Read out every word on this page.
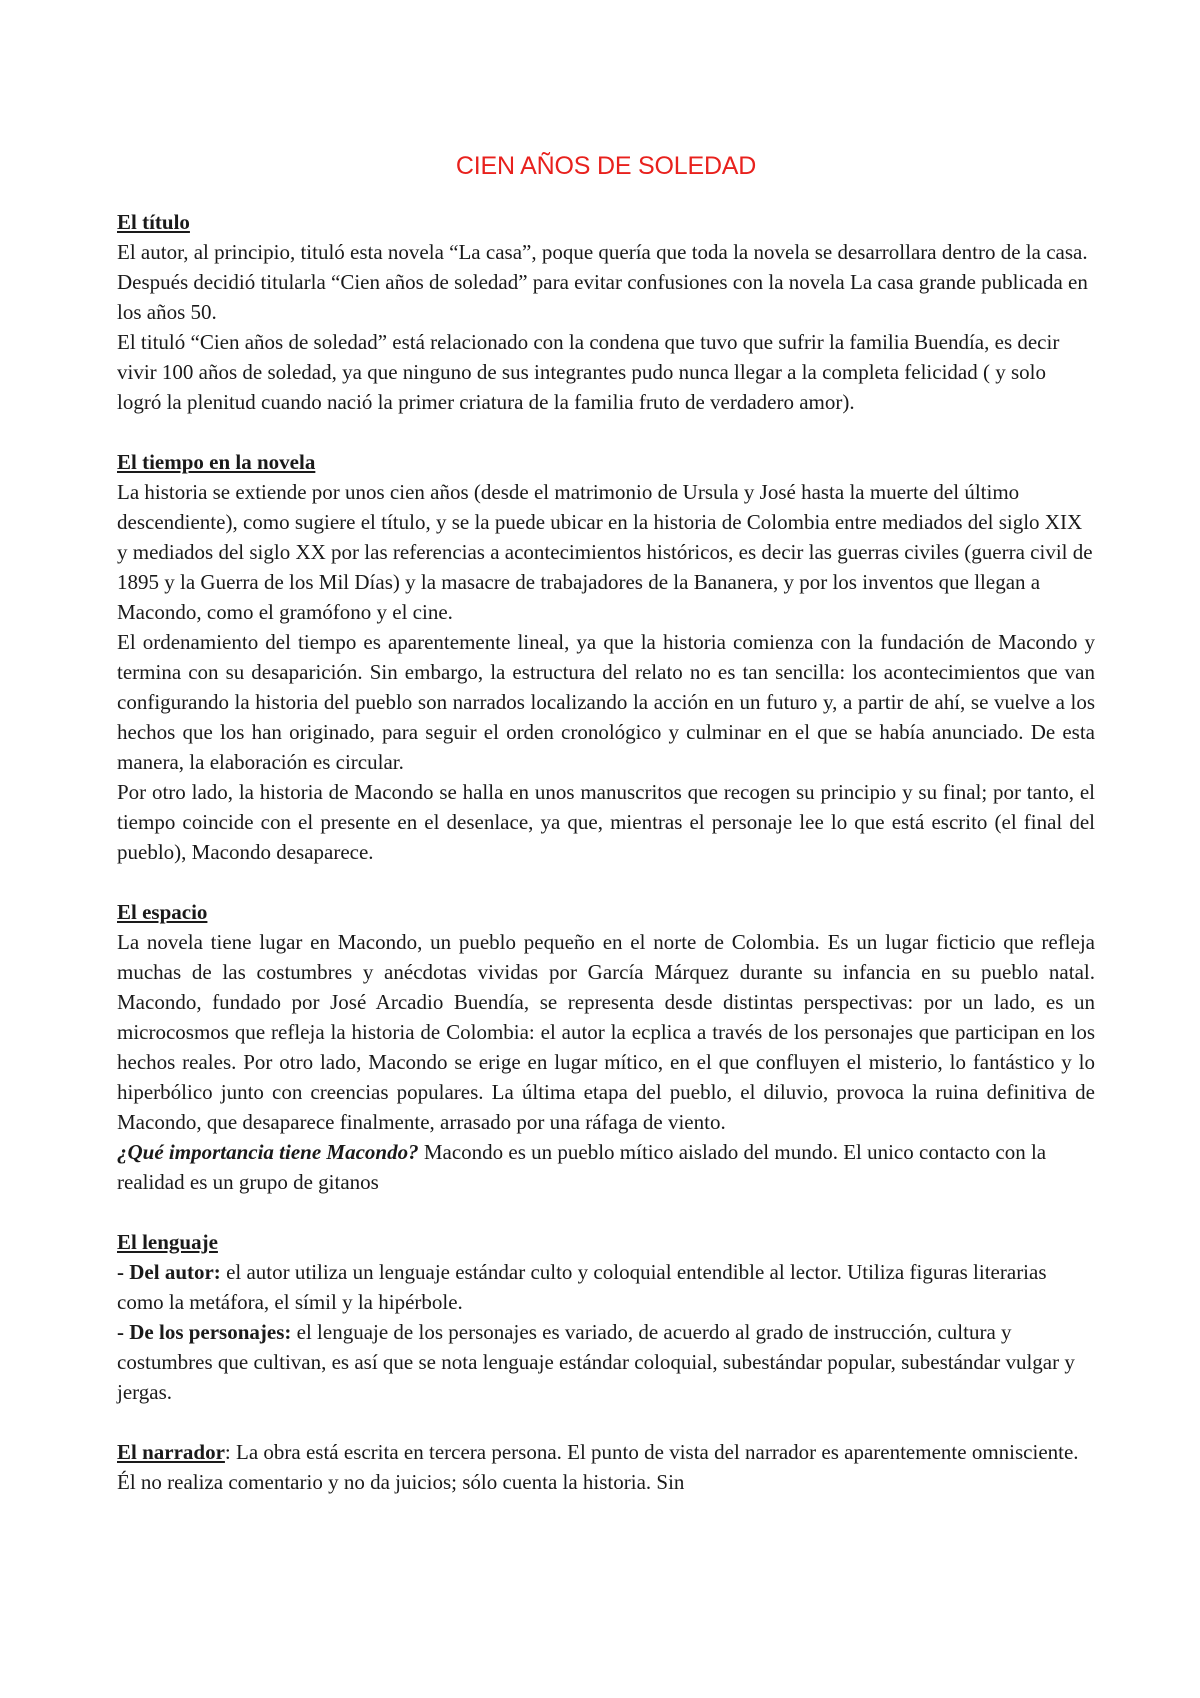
CIEN AÑOS DE SOLEDAD

El título

El autor, al principio, tituló esta novela “La casa”, poque quería que toda la novela se desarrollara dentro de la casa. Después decidió titularla “Cien años de soledad” para evitar confusiones con la novela La casa grande publicada en los años 50.

El tituló “Cien años de soledad” está relacionado con la condena que tuvo que sufrir la familia Buendía, es decir vivir 100 años de soledad, ya que ninguno de sus integrantes pudo nunca llegar a la completa felicidad ( y solo logró la plenitud cuando nació la primer criatura de la familia fruto de verdadero amor).

El tiempo en la novela

La historia se extiende por unos cien años (desde el matrimonio de Ursula y José hasta la muerte del último descendiente), como sugiere el título, y se la puede ubicar en la historia de Colombia entre mediados del siglo XIX y mediados del siglo XX por las referencias a acontecimientos históricos, es decir las guerras civiles (guerra civil de 1895 y la Guerra de los Mil Días) y la masacre de trabajadores de la Bananera, y por los inventos que llegan a Macondo, como el gramófono y el cine.

El ordenamiento del tiempo es aparentemente lineal, ya que la historia comienza con la fundación de Macondo y termina con su desaparición. Sin embargo, la estructura del relato no es tan sencilla: los acontecimientos que van configurando la historia del pueblo son narrados localizando la acción en un futuro y, a partir de ahí, se vuelve a los hechos que los han originado, para seguir el orden cronológico y culminar en el que se había anunciado. De esta manera, la elaboración es circular.

Por otro lado, la historia de Macondo se halla en unos manuscritos que recogen su principio y su final; por tanto, el tiempo coincide con el presente en el desenlace, ya que, mientras el personaje lee lo que está escrito (el final del pueblo), Macondo desaparece.

El espacio

La novela tiene lugar en Macondo, un pueblo pequeño en el norte de Colombia. Es un lugar ficticio que refleja muchas de las costumbres y anécdotas vividas por García Márquez durante su infancia en su pueblo natal. Macondo, fundado por José Arcadio Buendía, se representa desde distintas perspectivas: por un lado, es un microcosmos que refleja la historia de Colombia: el autor la ecplica a través de los personajes que participan en los hechos reales. Por otro lado, Macondo se erige en lugar mítico, en el que confluyen el misterio, lo fantástico y lo hiperbólico junto con creencias populares. La última etapa del pueblo, el diluvio, provoca la ruina definitiva de Macondo, que desaparece finalmente, arrasado por una ráfaga de viento.

¿Qué importancia tiene Macondo? Macondo es un pueblo mítico aislado del mundo. El unico contacto con la realidad es un grupo de gitanos

El lenguaje

- Del autor: el autor utiliza un lenguaje estándar culto y coloquial entendible al lector. Utiliza figuras literarias como la metáfora, el símil y la hipérbole.

- De los personajes: el lenguaje de los personajes es variado, de acuerdo al grado de instrucción, cultura y costumbres que cultivan, es así que se nota lenguaje estándar coloquial, subestándar popular, subestándar vulgar y jergas.

El narrador: La obra está escrita en tercera persona. El punto de vista del narrador es aparentemente omnisciente. Él no realiza comentario y no da juicios; sólo cuenta la historia. Sin
